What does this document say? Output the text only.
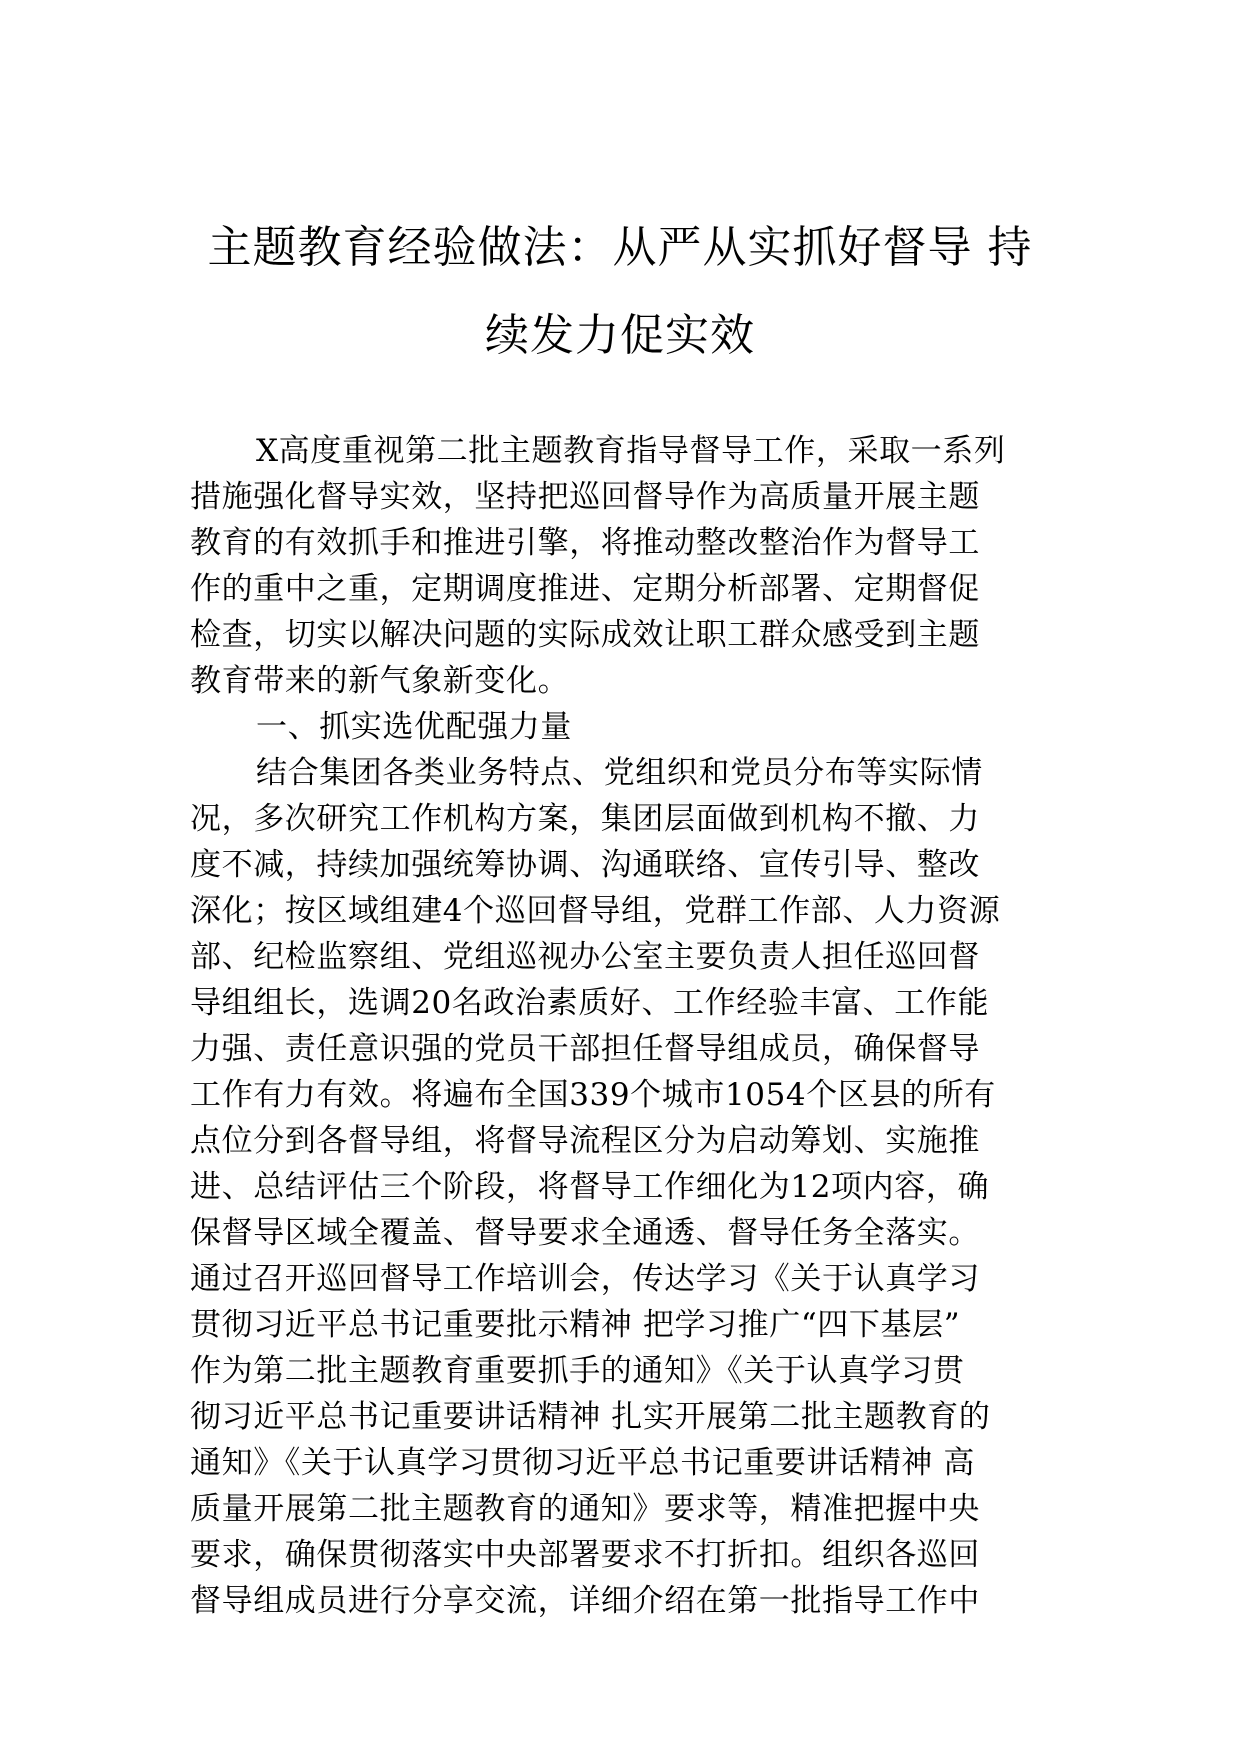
主题教育经验做法：从严从实抓好督导 持
续发力促实效
X高度重视第二批主题教育指导督导工作，采取一系列
措施强化督导实效，坚持把巡回督导作为高质量开展主题
教育的有效抓手和推进引擎，将推动整改整治作为督导工
作的重中之重，定期调度推进、定期分析部署、定期督促
检查，切实以解决问题的实际成效让职工群众感受到主题
教育带来的新气象新变化。
一、抓实选优配强力量
结合集团各类业务特点、党组织和党员分布等实际情
况，多次研究工作机构方案，集团层面做到机构不撤、力
度不减，持续加强统筹协调、沟通联络、宣传引导、整改
深化；按区域组建4个巡回督导组，党群工作部、人力资源
部、纪检监察组、党组巡视办公室主要负责人担任巡回督
导组组长，选调20名政治素质好、工作经验丰富、工作能
力强、责任意识强的党员干部担任督导组成员，确保督导
工作有力有效。将遍布全国339个城市1054个区县的所有
点位分到各督导组，将督导流程区分为启动筹划、实施推
进、总结评估三个阶段，将督导工作细化为12项内容，确
保督导区域全覆盖、督导要求全通透、督导任务全落实。
通过召开巡回督导工作培训会，传达学习《关于认真学习
贯彻习近平总书记重要批示精神 把学习推广“四下基层”
作为第二批主题教育重要抓手的通知》《关于认真学习贯
彻习近平总书记重要讲话精神 扎实开展第二批主题教育的
通知》《关于认真学习贯彻习近平总书记重要讲话精神 高
质量开展第二批主题教育的通知》要求等，精准把握中央
要求，确保贯彻落实中央部署要求不打折扣。组织各巡回
督导组成员进行分享交流，详细介绍在第一批指导工作中
